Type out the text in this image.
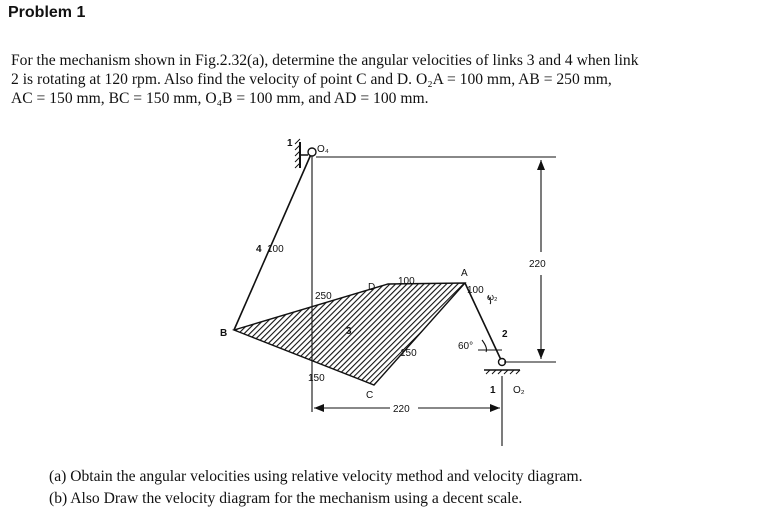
Problem 1

For the mechanism shown in Fig.2.32(a), determine the angular velocities of links 3 and 4 when link
2 is rotating at 120 rpm. Also find the velocity of point C and D. O₂A = 100 mm, AB = 250 mm,
AC = 150 mm, BC = 150 mm, O₄B = 100 mm, and AD = 100 mm.

O₄
O₂
A
B
C
D
ω₂
1
1
2
3
4 100
250
100
100
150
150
220
220
60°

(a) Obtain the angular velocities using relative velocity method and velocity diagram.
(b) Also Draw the velocity diagram for the mechanism using a decent scale.
